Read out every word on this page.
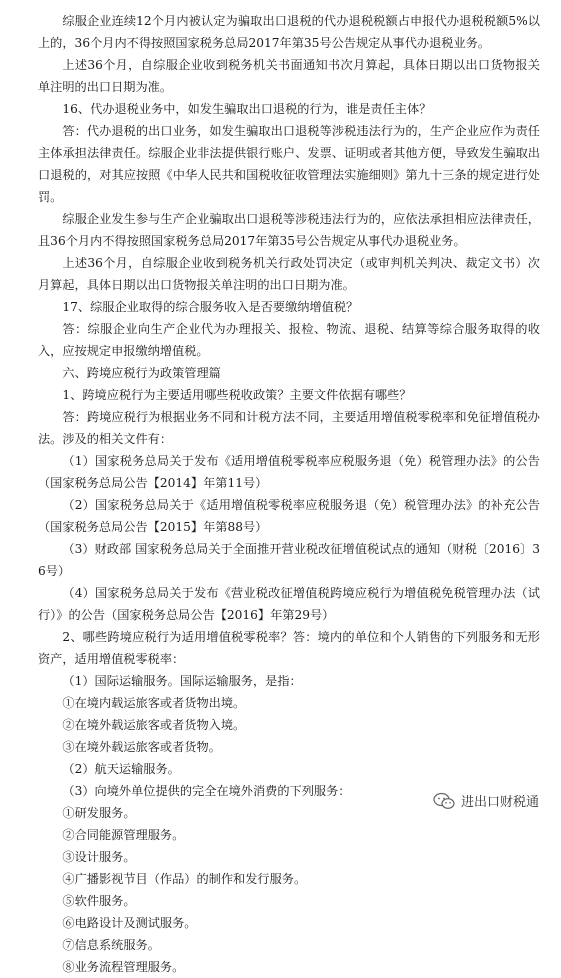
综服企业连续12个月内被认定为骗取出口退税的代办退税税额占申报代办退税税额5%以上的，36个月内不得按照国家税务总局2017年第35号公告规定从事代办退税业务。

上述36个月，自综服企业收到税务机关书面通知书次月算起，具体日期以出口货物报关单注明的出口日期为准。

16、代办退税业务中，如发生骗取出口退税的行为，谁是责任主体？

答：代办退税的出口业务，如发生骗取出口退税等涉税违法行为的，生产企业应作为责任主体承担法律责任。综服企业非法提供银行账户、发票、证明或者其他方便，导致发生骗取出口退税的，对其应按照《中华人民共和国税收征收管理法实施细则》第九十三条的规定进行处罚。

综服企业发生参与生产企业骗取出口退税等涉税违法行为的，应依法承担相应法律责任，且36个月内不得按照国家税务总局2017年第35号公告规定从事代办退税业务。

上述36个月，自综服企业收到税务机关行政处罚决定（或审判机关判决、裁定文书）次月算起，具体日期以出口货物报关单注明的出口日期为准。

17、综服企业取得的综合服务收入是否要缴纳增值税？

答：综服企业向生产企业代为办理报关、报检、物流、退税、结算等综合服务取得的收入，应按规定申报缴纳增值税。

六、跨境应税行为政策管理篇

1、跨境应税行为主要适用哪些税收政策？主要文件依据有哪些？

答：跨境应税行为根据业务不同和计税方法不同，主要适用增值税零税率和免征增值税办法。涉及的相关文件有：

（1）国家税务总局关于发布《适用增值税零税率应税服务退（免）税管理办法》的公告（国家税务总局公告【2014】年第11号）

（2）国家税务总局关于《适用增值税零税率应税服务退（免）税管理办法》的补充公告（国家税务总局公告【2015】年第88号）

（3）财政部 国家税务总局关于全面推开营业税改征增值税试点的通知（财税〔2016〕36号）

（4）国家税务总局关于发布《营业税改征增值税跨境应税行为增值税免税管理办法（试行）》的公告（国家税务总局公告【2016】年第29号）

2、哪些跨境应税行为适用增值税零税率？答：境内的单位和个人销售的下列服务和无形资产，适用增值税零税率：

（1）国际运输服务。国际运输服务，是指：

①在境内载运旅客或者货物出境。

②在境外载运旅客或者货物入境。

③在境外载运旅客或者货物。

（2）航天运输服务。

（3）向境外单位提供的完全在境外消费的下列服务：

①研发服务。

②合同能源管理服务。

③设计服务。

④广播影视节目（作品）的制作和发行服务。

⑤软件服务。

⑥电路设计及测试服务。

⑦信息系统服务。

⑧业务流程管理服务。

进出口财税通
